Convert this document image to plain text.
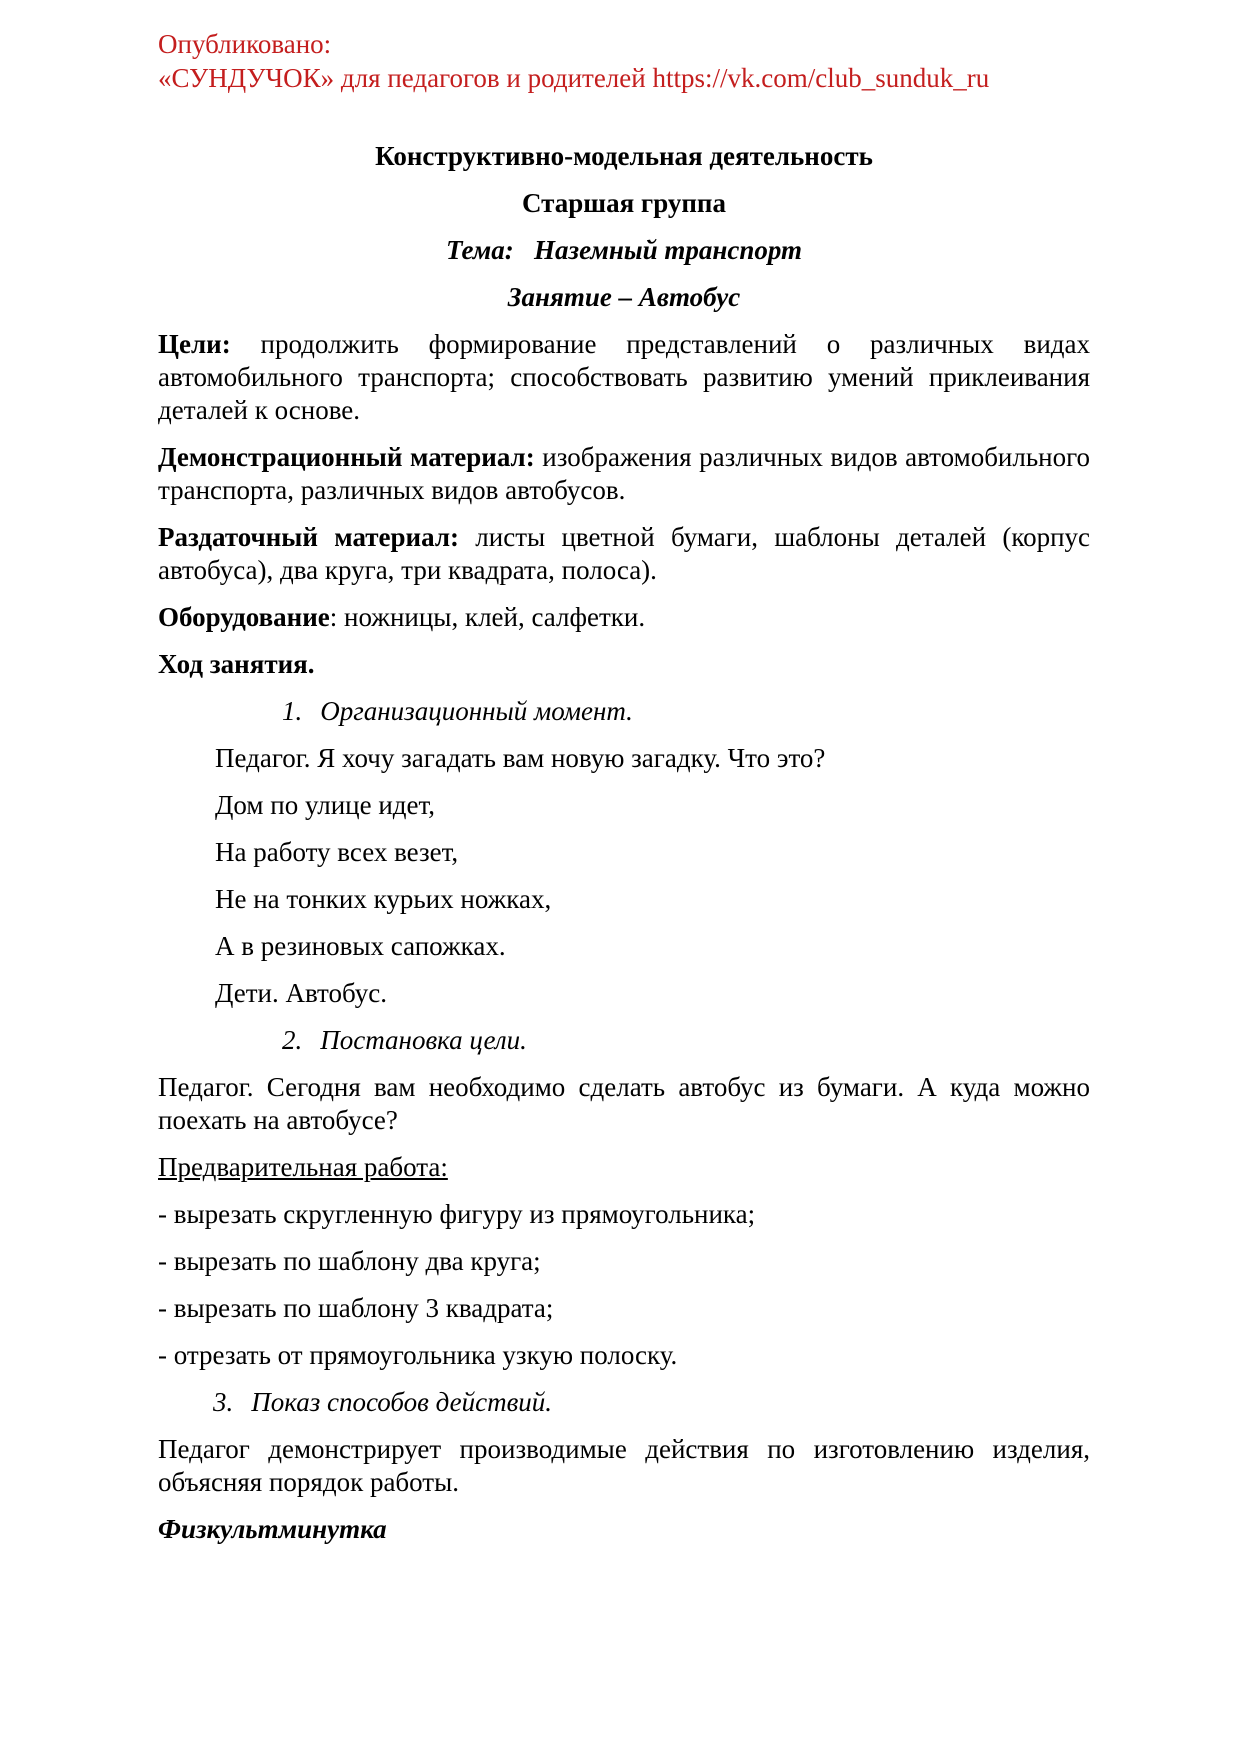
Опубликовано:
«СУНДУЧОК» для педагогов и родителей https://vk.com/club_sunduk_ru

Конструктивно-модельная деятельность

Старшая группа

Тема:   Наземный транспорт

Занятие – Автобус

Цели: продолжить формирование представлений о различных видах автомобильного транспорта; способствовать развитию умений приклеивания деталей к основе.

Демонстрационный материал: изображения различных видов автомобильного транспорта, различных видов автобусов.

Раздаточный материал: листы цветной бумаги, шаблоны деталей (корпус автобуса), два круга, три квадрата, полоса).

Оборудование: ножницы, клей, салфетки.

Ход занятия.

1. Организационный момент.

Педагог. Я хочу загадать вам новую загадку. Что это?

Дом по улице идет,

На работу всех везет,

Не на тонких курьих ножках,

А в резиновых сапожках.

Дети. Автобус.

2. Постановка цели.

Педагог. Сегодня вам необходимо сделать автобус из бумаги. А куда можно поехать на автобусе?

Предварительная работа:

- вырезать скругленную фигуру из прямоугольника;

- вырезать по шаблону два круга;

- вырезать по шаблону 3 квадрата;

- отрезать от прямоугольника узкую полоску.

3. Показ способов действий.

Педагог демонстрирует производимые действия по изготовлению изделия, объясняя порядок работы.

Физкультминутка
